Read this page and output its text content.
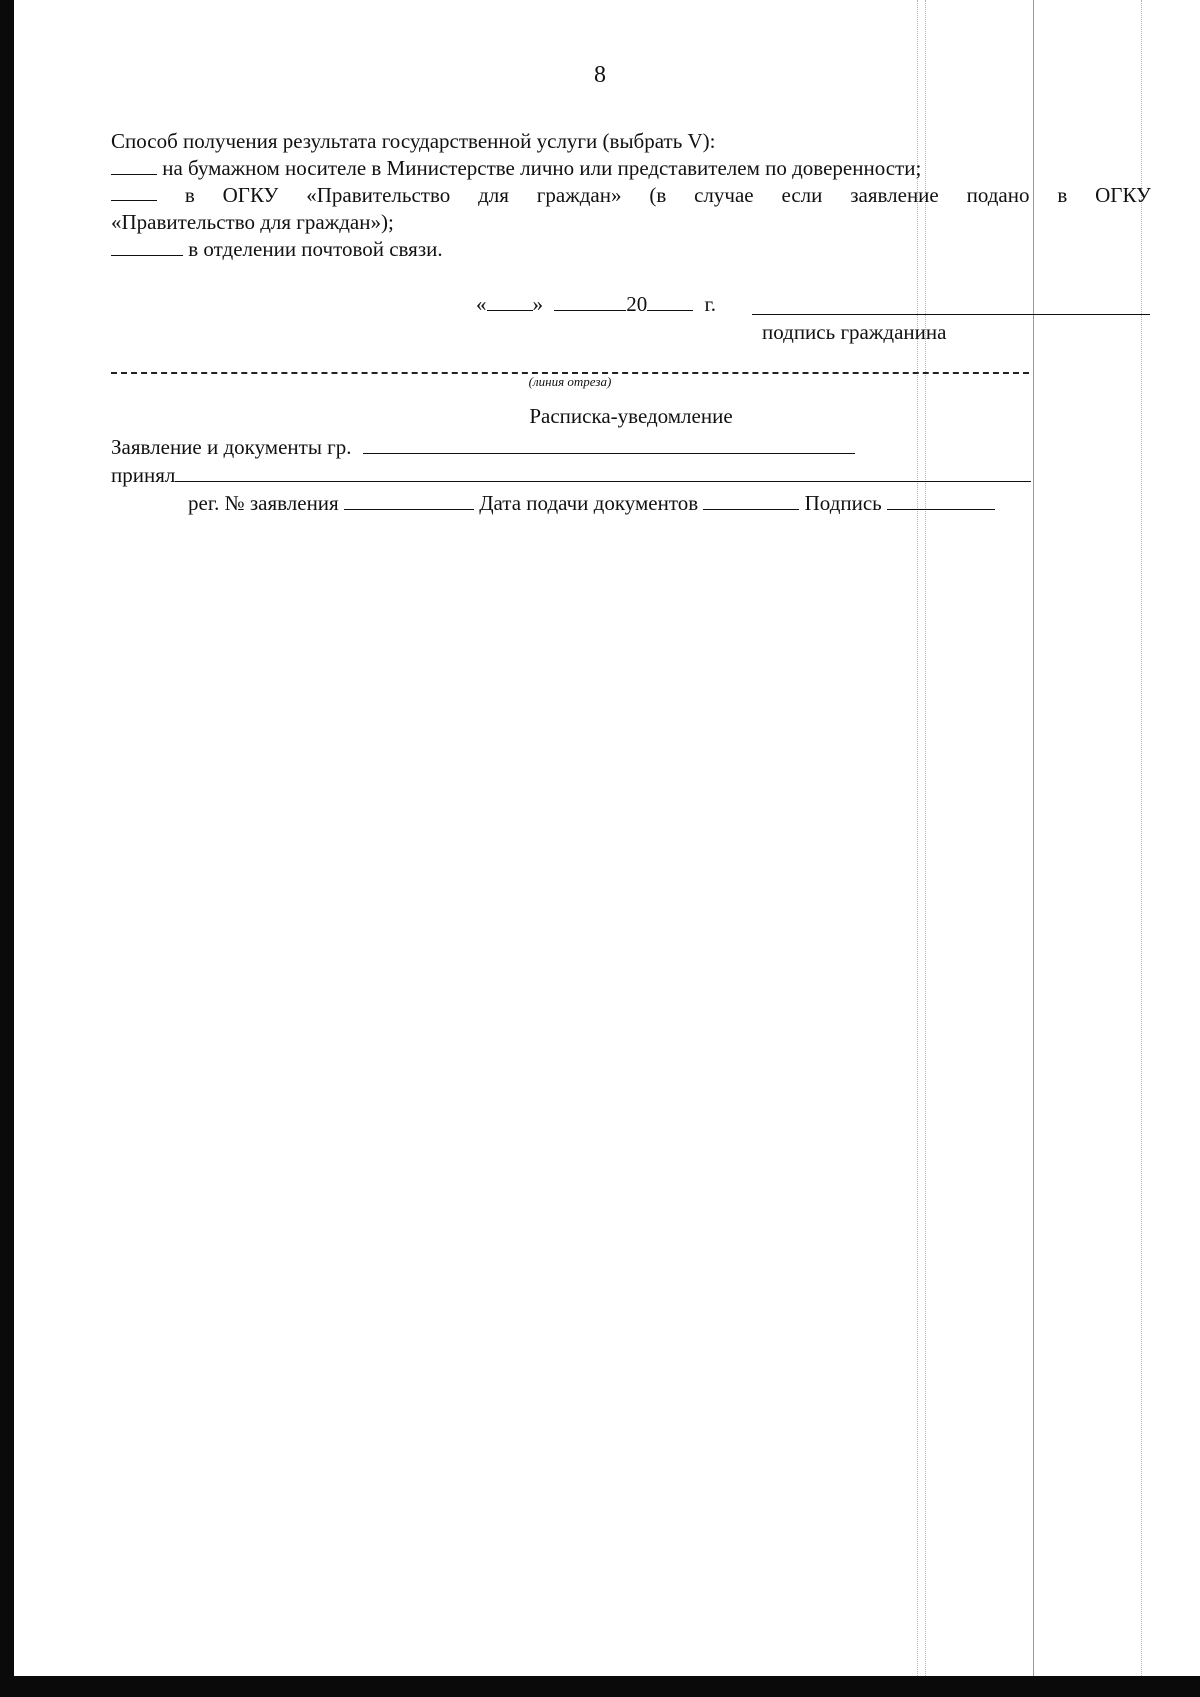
8
Способ получения результата государственной услуги (выбрать V):
на бумажном носителе в Министерстве лично или представителем по доверенности;
в ОГКУ «Правительство для граждан» (в случае если заявление подано в ОГКУ
«Правительство для граждан»);
в отделении почтовой связи.
« »	20	г.
подпись гражданина
(линия отреза)
Расписка-уведомление
Заявление и документы гр.
принял
рег. № заявления	Дата подачи документов	Подпись
